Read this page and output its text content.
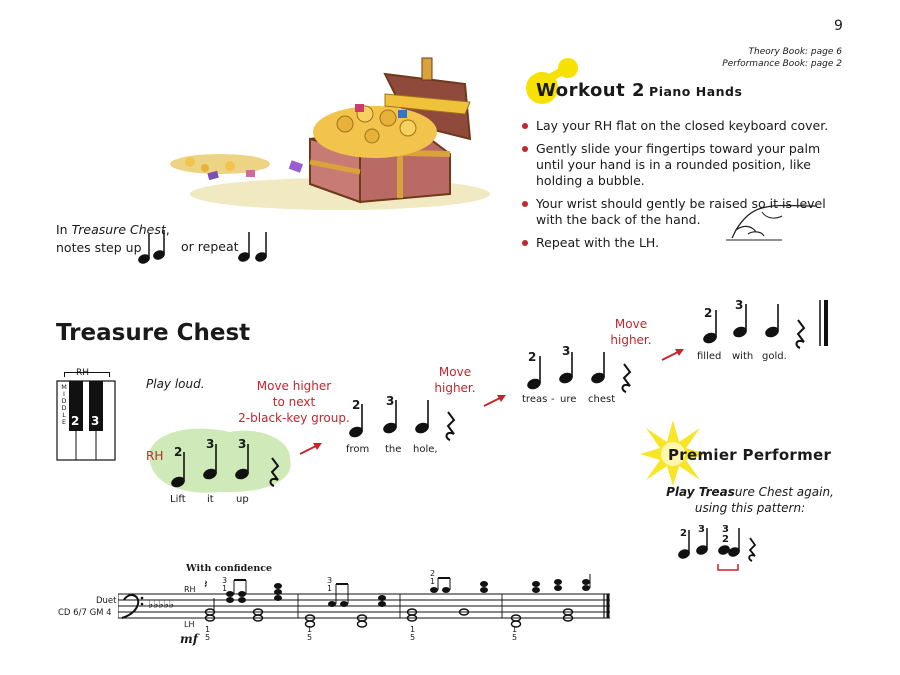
9
Theory Book: page 6
Performance Book: page 2
Workout 2 Piano Hands
Lay your RH flat on the closed keyboard cover.
Gently slide your fingertips toward your palm until your hand is in a rounded position, like holding a bubble.
Your wrist should gently be raised so it is level with the back of the hand.
Repeat with the LH.
In Treasure Chest,
notes step up	or repeat
Treasure Chest
RH
M
I
D
D
L
E 2 3
Play loud.	Move higher
to next
2-black-key group.
Move
higher.
Move
higher.
RH 2
3 3
Lift it up
2 3
from the hole,
2 3
treas - ure chest
2
3
filled with gold.
Premier Performer
Play Treasure Chest again,
using this pattern:
2 3 3
2
With confidence
Duet
CD 6/7 GM 4
RH
LH
mf
1
5
1
5
1
5
1
5
3
1
3
1
2
1
♭♭♭♭♭
𝄽
